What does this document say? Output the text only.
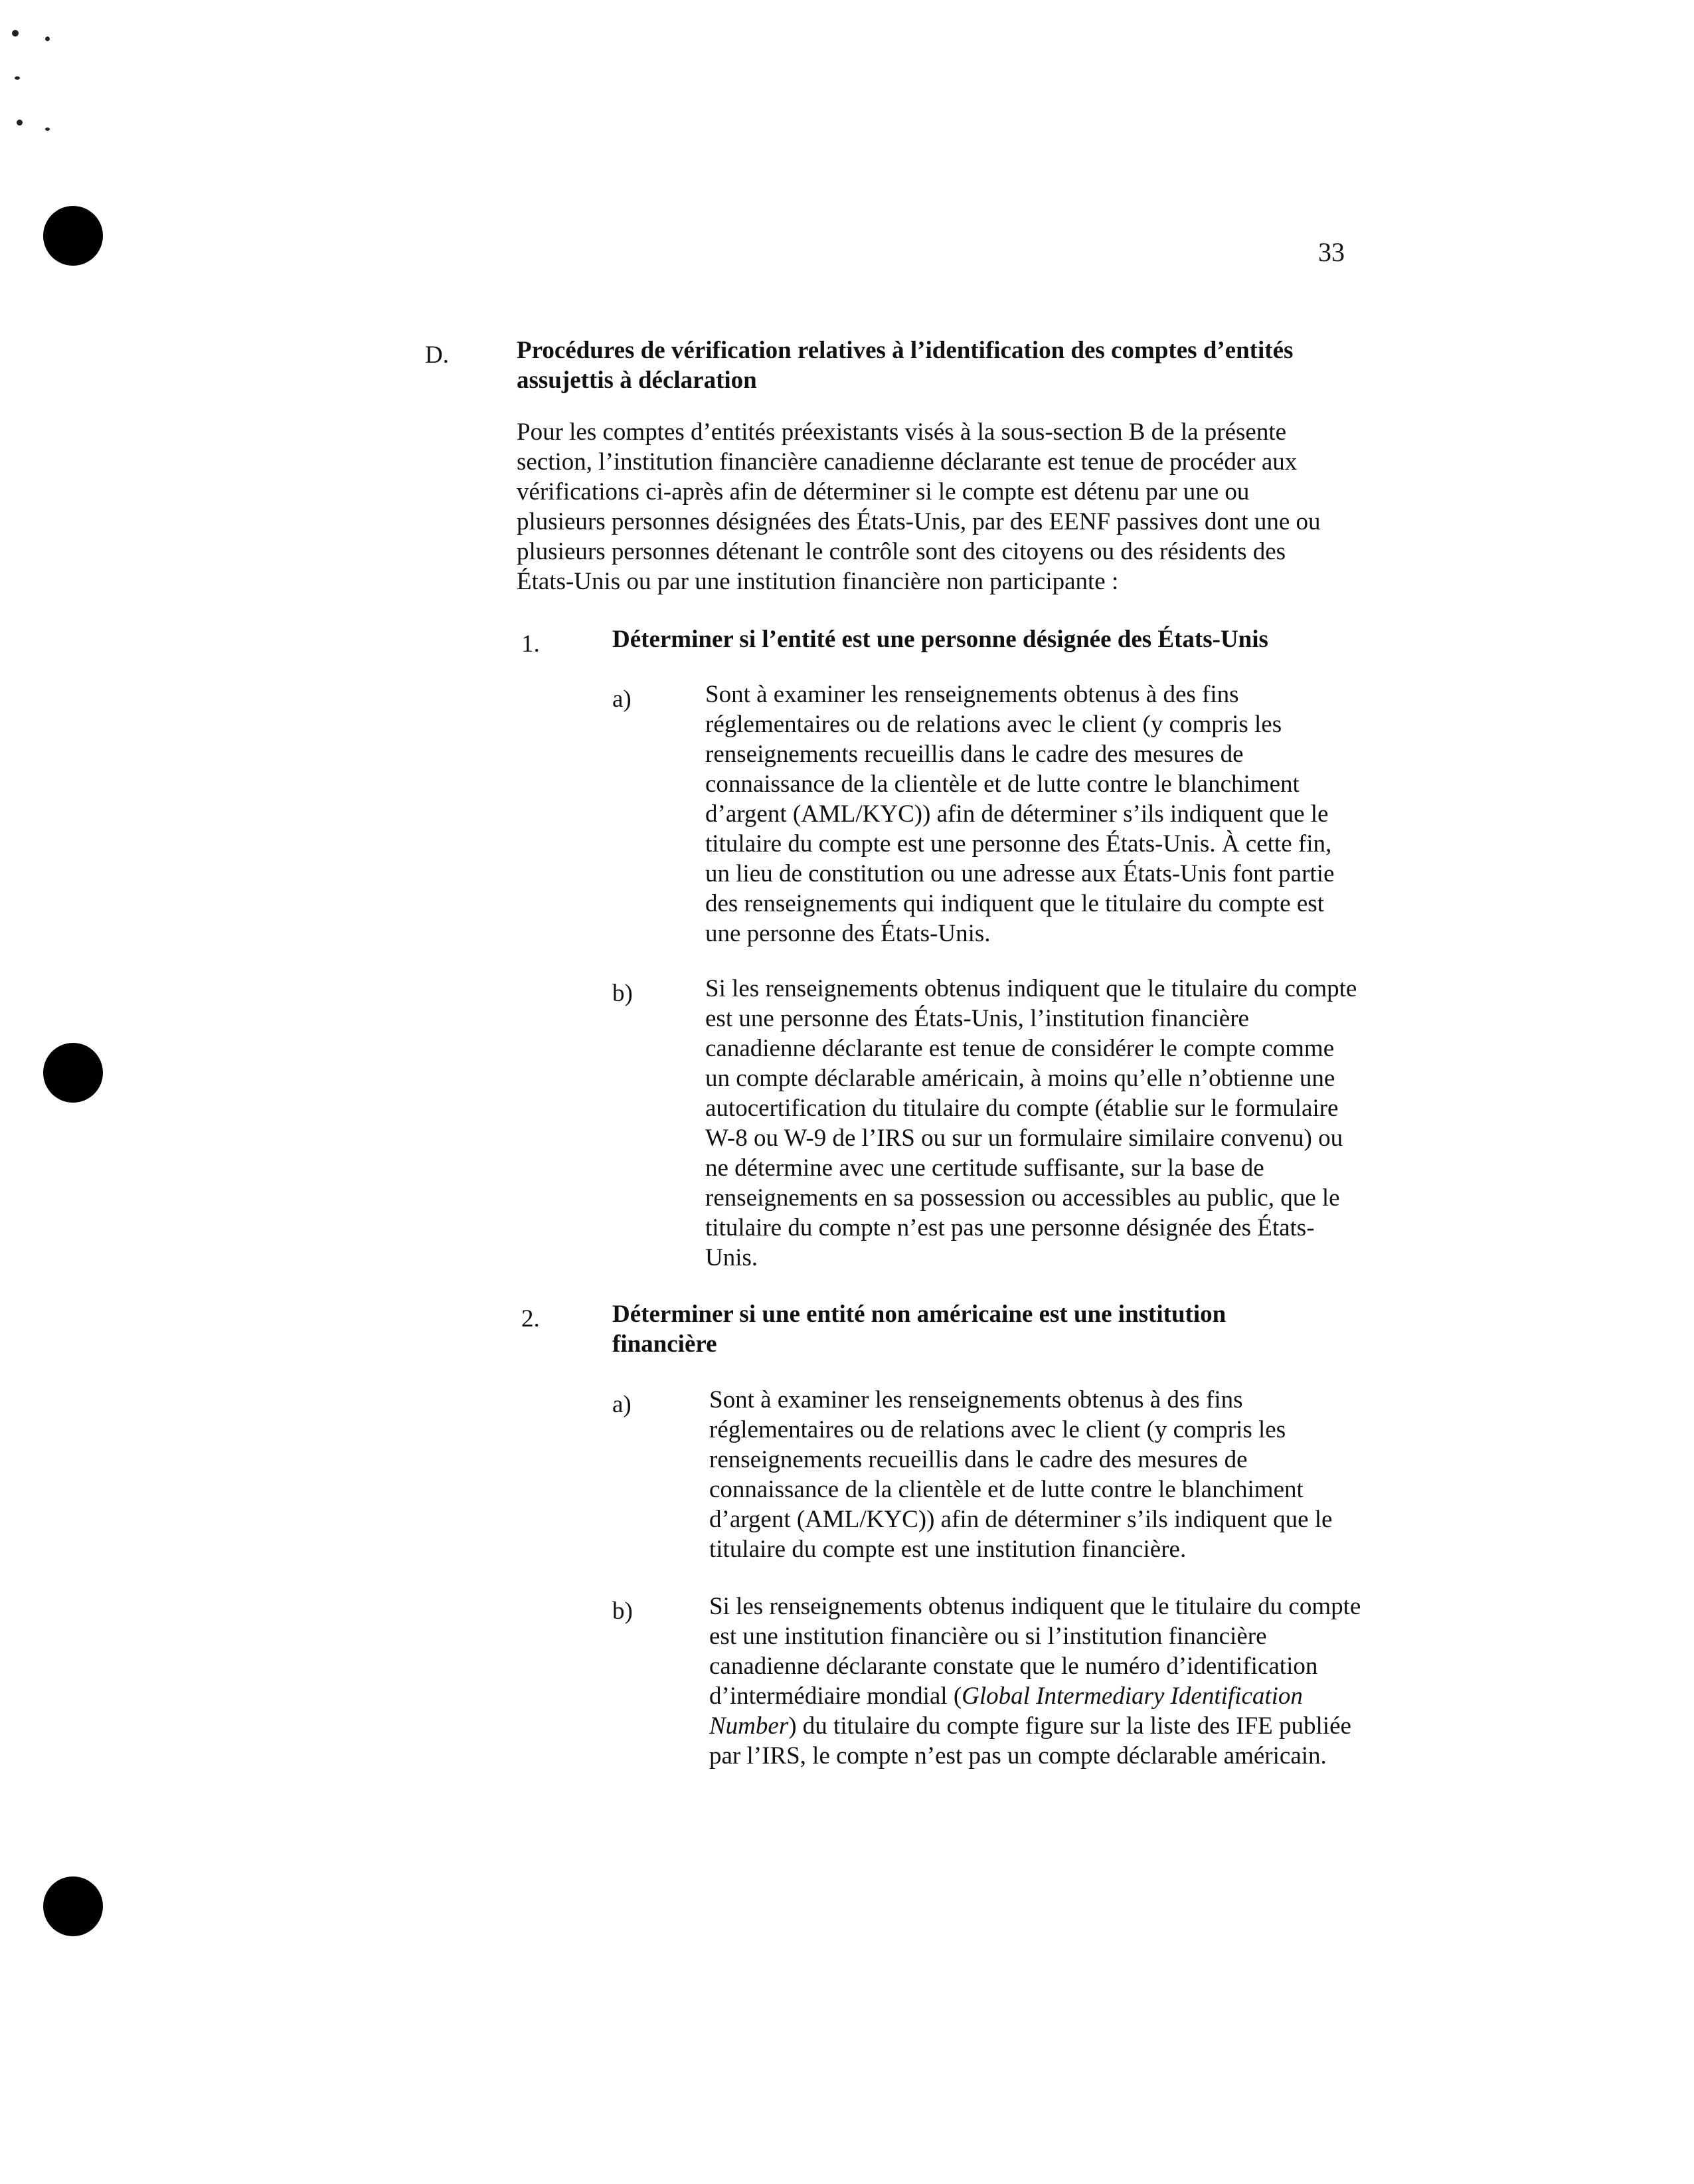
33
D.	Procédures de vérification relatives à l’identification des comptes d’entités assujettis à déclaration
Pour les comptes d’entités préexistants visés à la sous-section B de la présente section, l’institution financière canadienne déclarante est tenue de procéder aux vérifications ci-après afin de déterminer si le compte est détenu par une ou plusieurs personnes désignées des États-Unis, par des EENF passives dont une ou plusieurs personnes détenant le contrôle sont des citoyens ou des résidents des États-Unis ou par une institution financière non participante :
1.	Déterminer si l’entité est une personne désignée des États-Unis
a)	Sont à examiner les renseignements obtenus à des fins réglementaires ou de relations avec le client (y compris les renseignements recueillis dans le cadre des mesures de connaissance de la clientèle et de lutte contre le blanchiment d’argent (AML/KYC)) afin de déterminer s’ils indiquent que le titulaire du compte est une personne des États-Unis. À cette fin, un lieu de constitution ou une adresse aux États-Unis font partie des renseignements qui indiquent que le titulaire du compte est une personne des États-Unis.
b)	Si les renseignements obtenus indiquent que le titulaire du compte est une personne des États-Unis, l’institution financière canadienne déclarante est tenue de considérer le compte comme un compte déclarable américain, à moins qu’elle n’obtienne une autocertification du titulaire du compte (établie sur le formulaire W-8 ou W-9 de l’IRS ou sur un formulaire similaire convenu) ou ne détermine avec une certitude suffisante, sur la base de renseignements en sa possession ou accessibles au public, que le titulaire du compte n’est pas une personne désignée des États-Unis.
2.	Déterminer si une entité non américaine est une institution financière
a)	Sont à examiner les renseignements obtenus à des fins réglementaires ou de relations avec le client (y compris les renseignements recueillis dans le cadre des mesures de connaissance de la clientèle et de lutte contre le blanchiment d’argent (AML/KYC)) afin de déterminer s’ils indiquent que le titulaire du compte est une institution financière.
b)	Si les renseignements obtenus indiquent que le titulaire du compte est une institution financière ou si l’institution financière canadienne déclarante constate que le numéro d’identification d’intermédiaire mondial (Global Intermediary Identification Number) du titulaire du compte figure sur la liste des IFE publiée par l’IRS, le compte n’est pas un compte déclarable américain.
